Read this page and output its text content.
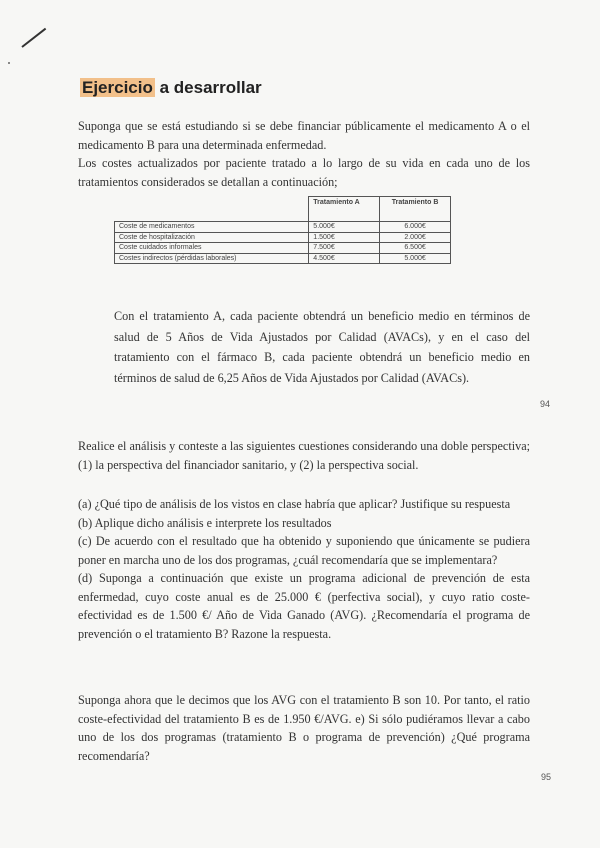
Ejercicio a desarrollar

Suponga que se está estudiando si se debe financiar públicamente el medicamento A o el medicamento B para una determinada enfermedad.

Los costes actualizados por paciente tratado a lo largo de su vida en cada uno de los tratamientos considerados se detallan a continuación;

	Tratamiento A	Tratamiento B
Coste de medicamentos	5.000€	6.000€
Coste de hospitalización	1.500€	2.000€
Coste cuidados informales	7.500€	6.500€
Costes indirectos (pérdidas laborales)	4.500€	5.000€

Con el tratamiento A, cada paciente obtendrá un beneficio medio en términos de salud de 5 Años de Vida Ajustados por Calidad (AVACs), y en el caso del tratamiento con el fármaco B, cada paciente obtendrá un beneficio medio en términos de salud de 6,25 Años de Vida Ajustados por Calidad (AVACs).

94

Realice el análisis y conteste a las siguientes cuestiones considerando una doble perspectiva; (1) la perspectiva del financiador sanitario, y (2) la perspectiva social.

(a) ¿Qué tipo de análisis de los vistos en clase habría que aplicar? Justifique su respuesta
(b) Aplique dicho análisis e interprete los resultados
(c) De acuerdo con el resultado que ha obtenido y suponiendo que únicamente se pudiera poner en marcha uno de los dos programas, ¿cuál recomendaría que se implementara?
(d) Suponga a continuación que existe un programa adicional de prevención de esta enfermedad, cuyo coste anual es de 25.000 € (perfectiva social), y cuyo ratio coste-efectividad es de 1.500 €/ Año de Vida Ganado (AVG). ¿Recomendaría el programa de prevención o el tratamiento B? Razone la respuesta.

Suponga ahora que le decimos que los AVG con el tratamiento B son 10. Por tanto, el ratio coste-efectividad del tratamiento B es de 1.950 €/AVG. e) Si sólo pudiéramos llevar a cabo uno de los dos programas (tratamiento B o programa de prevención) ¿Qué programa recomendaría?

95
